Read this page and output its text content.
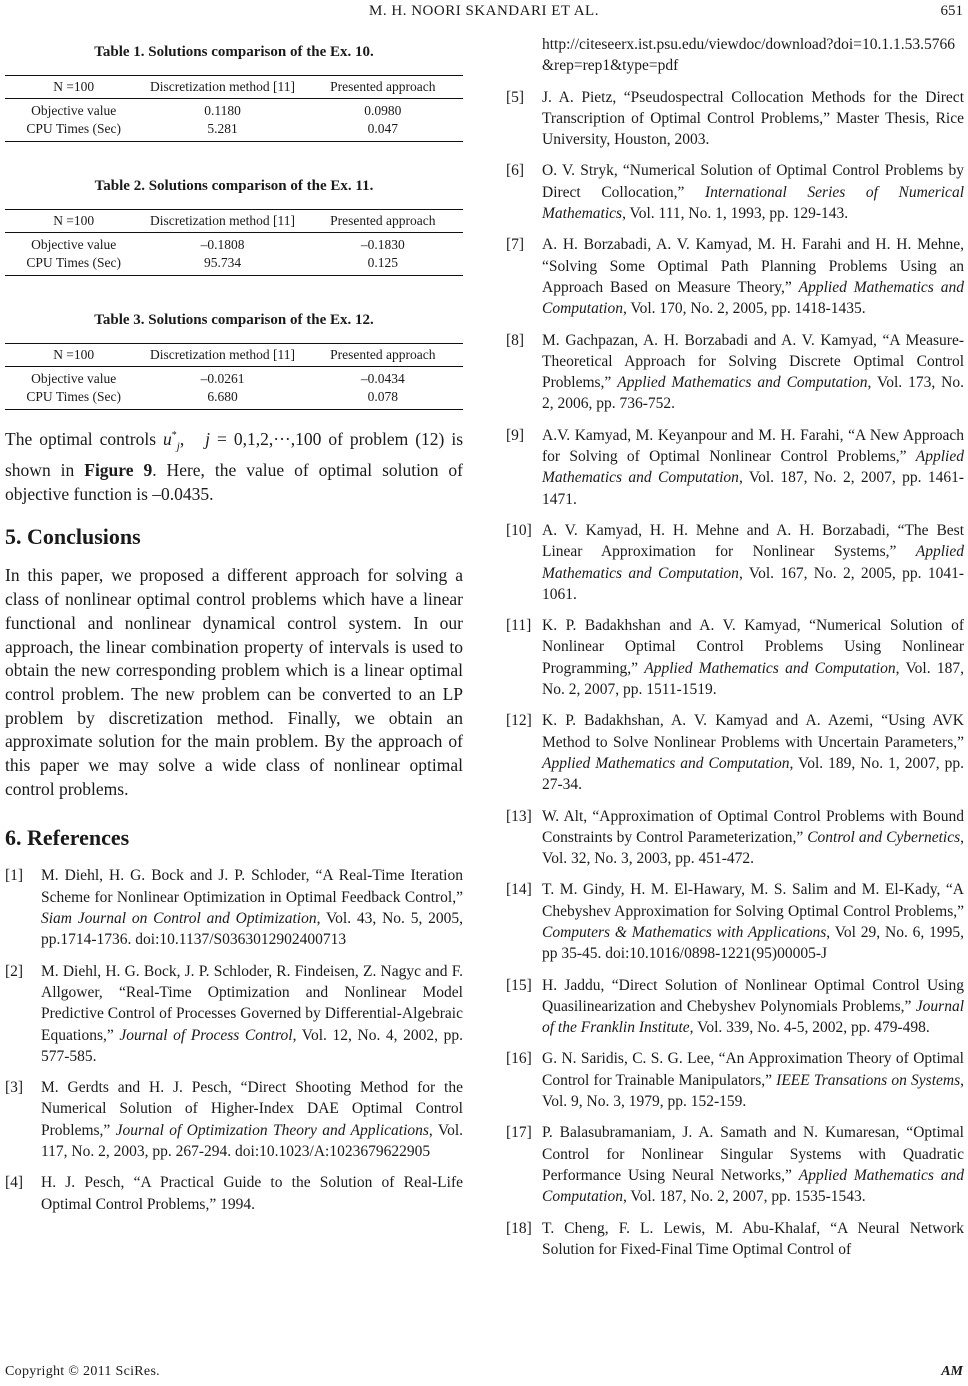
M. H. NOORI SKANDARI ET AL.	651
Table 1. Solutions comparison of the Ex. 10.
N =100	Discretization method [11]	Presented approach
Objective value	0.1180	0.0980
CPU Times (Sec)	5.281	0.047
Table 2. Solutions comparison of the Ex. 11.
N =100	Discretization method [11]	Presented approach
Objective value	–0.1808	–0.1830
CPU Times (Sec)	95.734	0.125
Table 3. Solutions comparison of the Ex. 12.
N =100	Discretization method [11]	Presented approach
Objective value	–0.0261	–0.0434
CPU Times (Sec)	6.680	0.078

The optimal controls $u^*_j$,   j = 0,1,2,···,100 of problem (12) is shown in Figure 9. Here, the value of optimal solution of objective function is –0.0435.

5. Conclusions

In this paper, we proposed a different approach for solving a class of nonlinear optimal control problems which have a linear functional and nonlinear dynamical control system. In our approach, the linear combination property of intervals is used to obtain the new corresponding problem which is a linear optimal control problem. The new problem can be converted to an LP problem by discretization method. Finally, we obtain an approximate solution for the main problem. By the approach of this paper we may solve a wide class of nonlinear optimal control problems.

6. References
[1]	M. Diehl, H. G. Bock and J. P. Schloder, “A Real-Time Iteration Scheme for Nonlinear Optimization in Optimal Feedback Control,” Siam Journal on Control and Optimization, Vol. 43, No. 5, 2005, pp.1714-1736. doi:10.1137/S0363012902400713
[2]	M. Diehl, H. G. Bock, J. P. Schloder, R. Findeisen, Z. Nagyc and F. Allgower, “Real-Time Optimization and Nonlinear Model Predictive Control of Processes Governed by Differential-Algebraic Equations,” Journal of Process Control, Vol. 12, No. 4, 2002, pp. 577-585.
[3]	M. Gerdts and H. J. Pesch, “Direct Shooting Method for the Numerical Solution of Higher-Index DAE Optimal Control Problems,” Journal of Optimization Theory and Applications, Vol. 117, No. 2, 2003, pp. 267-294. doi:10.1023/A:1023679622905
[4]	H. J. Pesch, “A Practical Guide to the Solution of Real-Life Optimal Control Problems,” 1994.
http://citeseerx.ist.psu.edu/viewdoc/download?doi=10.1.1.53.5766&rep=rep1&type=pdf
[5]	J. A. Pietz, “Pseudospectral Collocation Methods for the Direct Transcription of Optimal Control Problems,” Master Thesis, Rice University, Houston, 2003.
[6]	O. V. Stryk, “Numerical Solution of Optimal Control Problems by Direct Collocation,” International Series of Numerical Mathematics, Vol. 111, No. 1, 1993, pp. 129-143.
[7]	A. H. Borzabadi, A. V. Kamyad, M. H. Farahi and H. H. Mehne, “Solving Some Optimal Path Planning Problems Using an Approach Based on Measure Theory,” Applied Mathematics and Computation, Vol. 170, No. 2, 2005, pp. 1418-1435.
[8]	M. Gachpazan, A. H. Borzabadi and A. V. Kamyad, “A Measure-Theoretical Approach for Solving Discrete Optimal Control Problems,” Applied Mathematics and Computation, Vol. 173, No. 2, 2006, pp. 736-752.
[9]	A.V. Kamyad, M. Keyanpour and M. H. Farahi, “A New Approach for Solving of Optimal Nonlinear Control Problems,” Applied Mathematics and Computation, Vol. 187, No. 2, 2007, pp. 1461-1471.
[10] A. V. Kamyad, H. H. Mehne and A. H. Borzabadi, “The Best Linear Approximation for Nonlinear Systems,” Applied Mathematics and Computation, Vol. 167, No. 2, 2005, pp. 1041-1061.
[11] K. P. Badakhshan and A. V. Kamyad, “Numerical Solution of Nonlinear Optimal Control Problems Using Nonlinear Programming,” Applied Mathematics and Computation, Vol. 187, No. 2, 2007, pp. 1511-1519.
[12] K. P. Badakhshan, A. V. Kamyad and A. Azemi, “Using AVK Method to Solve Nonlinear Problems with Uncertain Parameters,” Applied Mathematics and Computation, Vol. 189, No. 1, 2007, pp. 27-34.
[13] W. Alt, “Approximation of Optimal Control Problems with Bound Constraints by Control Parameterization,” Control and Cybernetics, Vol. 32, No. 3, 2003, pp. 451-472.
[14] T. M. Gindy, H. M. El-Hawary, M. S. Salim and M. El-Kady, “A Chebyshev Approximation for Solving Optimal Control Problems,” Computers & Mathematics with Applications, Vol 29, No. 6, 1995, pp 35-45. doi:10.1016/0898-1221(95)00005-J
[15] H. Jaddu, “Direct Solution of Nonlinear Optimal Control Using Quasilinearization and Chebyshev Polynomials Problems,” Journal of the Franklin Institute, Vol. 339, No. 4-5, 2002, pp. 479-498.
[16] G. N. Saridis, C. S. G. Lee, “An Approximation Theory of Optimal Control for Trainable Manipulators,” IEEE Transations on Systems, Vol. 9, No. 3, 1979, pp. 152-159.
[17] P. Balasubramaniam, J. A. Samath and N. Kumaresan, “Optimal Control for Nonlinear Singular Systems with Quadratic Performance Using Neural Networks,” Applied Mathematics and Computation, Vol. 187, No. 2, 2007, pp. 1535-1543.
[18] T. Cheng, F. L. Lewis, M. Abu-Khalaf, “A Neural Network Solution for Fixed-Final Time Optimal Control of
Copyright © 2011 SciRes.	AM
